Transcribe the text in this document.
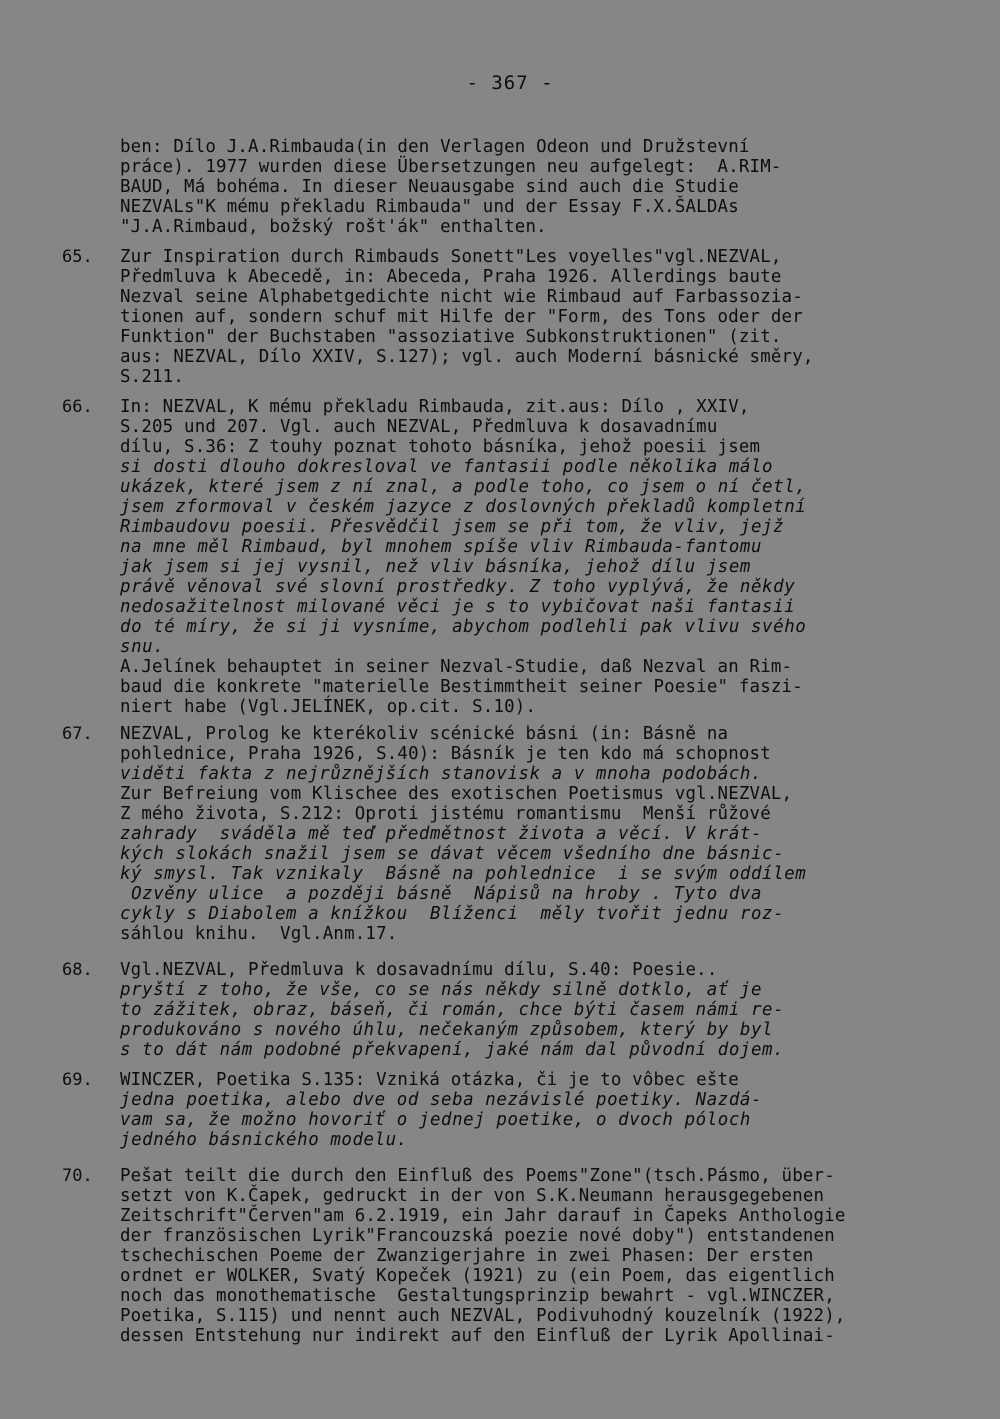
- 367 -
ben: Dílo J.A.Rimbauda(in den Verlagen Odeon und Družstevní
práce). 1977 wurden diese Übersetzungen neu aufgelegt:  A.RIM-
BAUD, Má bohéma. In dieser Neuausgabe sind auch die Studie
NEZVALs"K mému překladu Rimbauda" und der Essay F.X.ŠALDAs
"J.A.Rimbaud, božský rošt'ák" enthalten.
65. Zur Inspiration durch Rimbauds Sonett"Les voyelles"vgl.NEZVAL,
Předmluva k Abecedě, in: Abeceda, Praha 1926. Allerdings baute
Nezval seine Alphabetgedichte nicht wie Rimbaud auf Farbassozia-
tionen auf, sondern schuf mit Hilfe der "Form, des Tons oder der
Funktion" der Buchstaben "assoziative Subkonstruktionen" (zit.
aus: NEZVAL, Dílo XXIV, S.127); vgl. auch Moderní básnické směry,
S.211.
66. In: NEZVAL, K mému překladu Rimbauda, zit.aus: Dílo , XXIV,
S.205 und 207. Vgl. auch NEZVAL, Předmluva k dosavadnímu
dílu, S.36: Z touhy poznat tohoto básníka, jehož poesii jsem
si dosti dlouho dokresloval ve fantasii podle několika málo
ukázek, které jsem z ní znal, a podle toho, co jsem o ní četl,
jsem zformoval v českém jazyce z doslovných překladů kompletní
Rimbaudovu poesii. Přesvědčil jsem se při tom, že vliv, jejž
na mne měl Rimbaud, byl mnohem spíše vliv Rimbauda-fantomu
jak jsem si jej vysnil, než vliv básníka, jehož dílu jsem
právě věnoval své slovní prostředky. Z toho vyplývá, že někdy
nedosažitelnost milované věci je s to vybičovat naši fantasii
do té míry, že si ji vysníme, abychom podlehli pak vlivu svého
snu.
A.Jelínek behauptet in seiner Nezval-Studie, daß Nezval an Rim-
baud die konkrete "materielle Bestimmtheit seiner Poesie" faszi-
niert habe (Vgl.JELÍNEK, op.cit. S.10).
67. NEZVAL, Prolog ke kterékoliv scénické básni (in: Básně na
pohlednice, Praha 1926, S.40): Básník je ten kdo má schopnost
viděti fakta z nejrůznějších stanovisk a v mnoha podobách.
Zur Befreiung vom Klischee des exotischen Poetismus vgl.NEZVAL,
Z mého života, S.212: Oproti jistému romantismu  Menší růžové
zahrady  sváděla mě teď předmětnost života a věcí. V krát-
kých slokách snažil jsem se dávat věcem všedního dne básnic-
ký smysl. Tak vznikaly  Básně na pohlednice  i se svým oddílem
Ozvěny ulice  a později básně  Nápisů na hroby . Tyto dva
cykly s Diabolem a knížkou  Blíženci  měly tvořit jednu roz-
sáhlou knihu.  Vgl.Anm.17.
68. Vgl.NEZVAL, Předmluva k dosavadnímu dílu, S.40: Poesie..
pryští z toho, že vše, co se nás někdy silně dotklo, ať je
to zážitek, obraz, báseň, či román, chce býti časem námi re-
produkováno s nového úhlu, nečekaným způsobem, který by byl
s to dát nám podobné překvapení, jaké nám dal původní dojem.
69. WINCZER, Poetika S.135: Vzniká otázka, či je to vôbec ešte
jedna poetika, alebo dve od seba nezávislé poetiky. Nazdá-
vam sa, že možno hovoriť o jednej poetike, o dvoch póloch
jedného básnického modelu.
70. Pešat teilt die durch den Einfluß des Poems"Zone"(tsch.Pásmo, über-
setzt von K.Čapek, gedruckt in der von S.K.Neumann herausgegebenen
Zeitschrift"Červen"am 6.2.1919, ein Jahr darauf in Čapeks Anthologie
der französischen Lyrik"Francouzská poezie nové doby") entstandenen
tschechischen Poeme der Zwanzigerjahre in zwei Phasen: Der ersten
ordnet er WOLKER, Svatý Kopeček (1921) zu (ein Poem, das eigentlich
noch das monothematische  Gestaltungsprinzip bewahrt - vgl.WINCZER,
Poetika, S.115) und nennt auch NEZVAL, Podivuhodný kouzelník (1922),
dessen Entstehung nur indirekt auf den Einfluß der Lyrik Apollinai-
